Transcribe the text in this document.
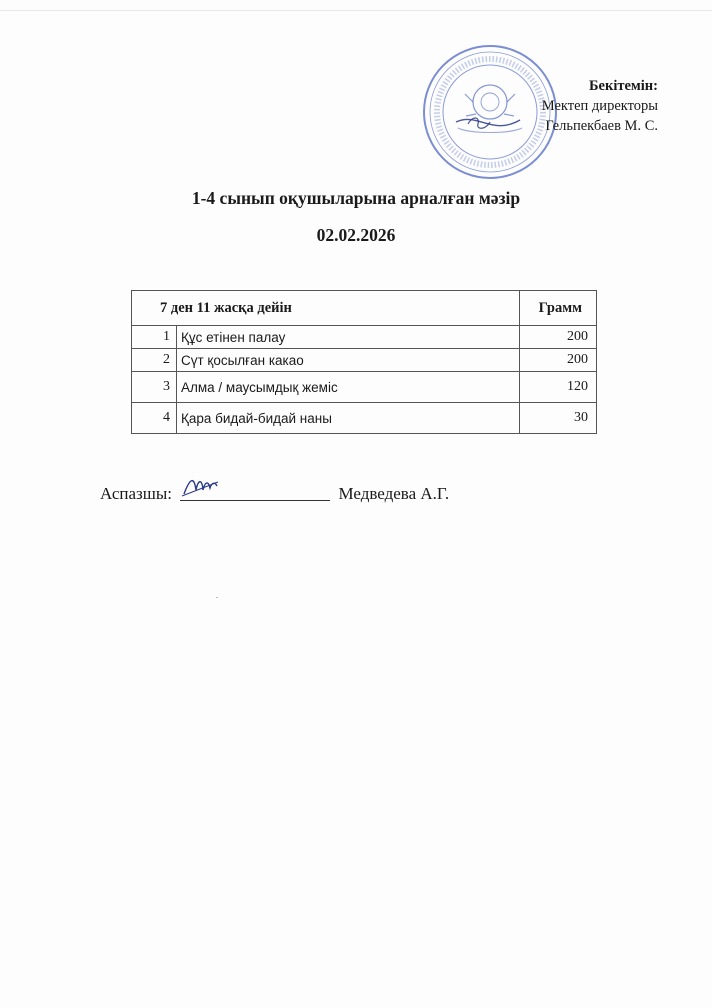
Бекітемін:
Мектеп директоры
Гельпекбаев М. С.
1-4 сынып оқушыларына арналған мәзір
02.02.2026
7 ден 11 жасқа дейін		Грамм
1	Құс етінен палау	200
2	Сүт қосылған какао	200
3	Алма / маусымдық жеміс	120
4	Қара бидай-бидай наны	30
Аспазшы:	Медведева А.Г.
